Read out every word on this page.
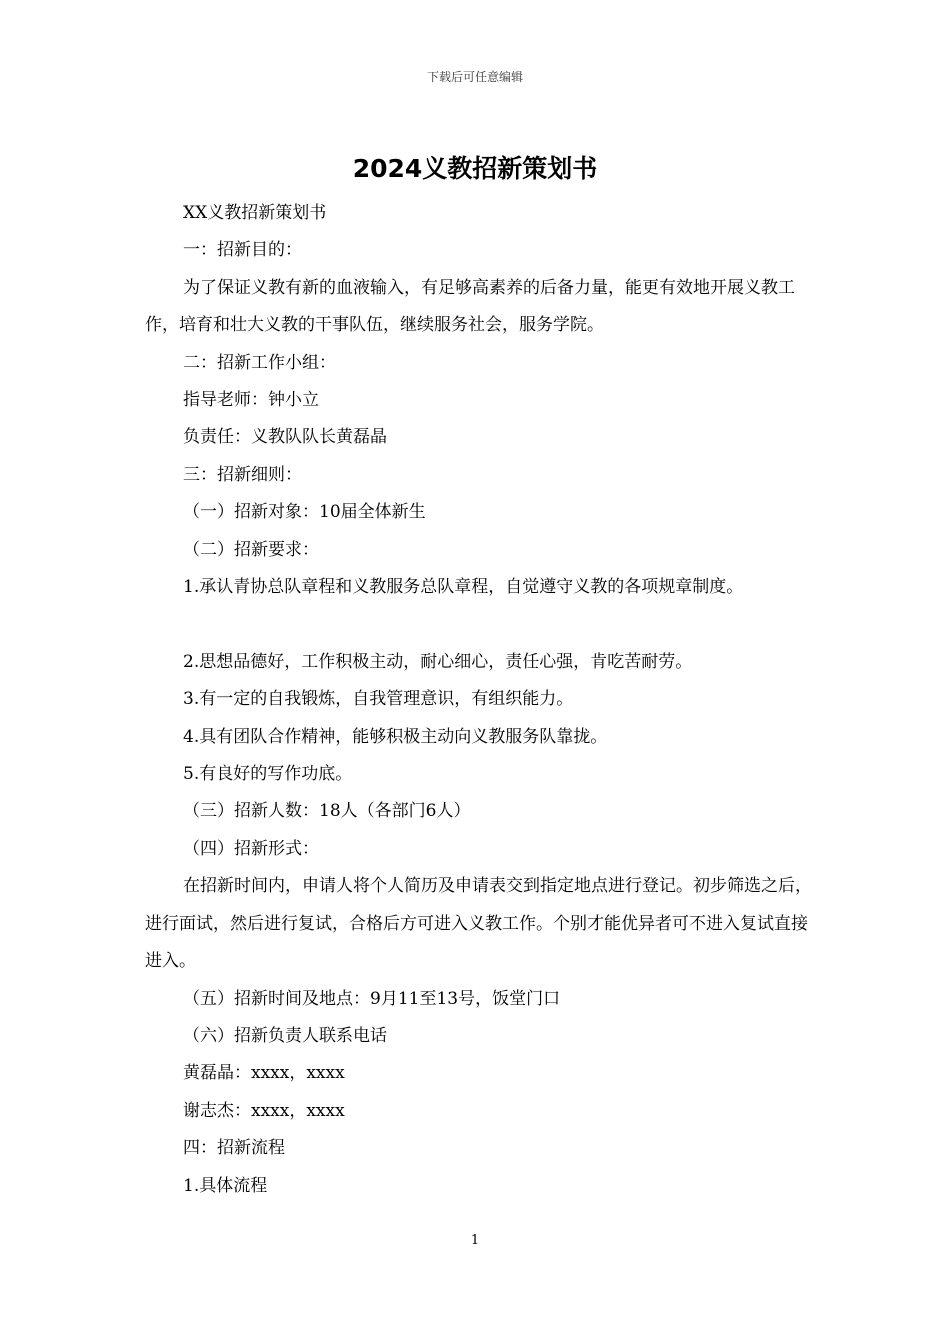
下载后可任意编辑
2024义教招新策划书

XX义教招新策划书

一：招新目的：

为了保证义教有新的血液输入，有足够高素养的后备力量，能更有效地开展义教工作，培育和壮大义教的干事队伍，继续服务社会，服务学院。

二：招新工作小组：

指导老师：钟小立

负责任：义教队队长黄磊晶

三：招新细则：

（一）招新对象：10届全体新生

（二）招新要求：

1.承认青协总队章程和义教服务总队章程，自觉遵守义教的各项规章制度。

2.思想品德好，工作积极主动，耐心细心，责任心强，肯吃苦耐劳。

3.有一定的自我锻炼，自我管理意识，有组织能力。

4.具有团队合作精神，能够积极主动向义教服务队靠拢。

5.有良好的写作功底。

（三）招新人数：18人（各部门6人）

（四）招新形式：

在招新时间内，申请人将个人简历及申请表交到指定地点进行登记。初步筛选之后，进行面试，然后进行复试，合格后方可进入义教工作。个别才能优异者可不进入复试直接进入。

（五）招新时间及地点：9月11至13号，饭堂门口

（六）招新负责人联系电话

黄磊晶：xxxx，xxxx

谢志杰：xxxx，xxxx

四：招新流程

1.具体流程

1
